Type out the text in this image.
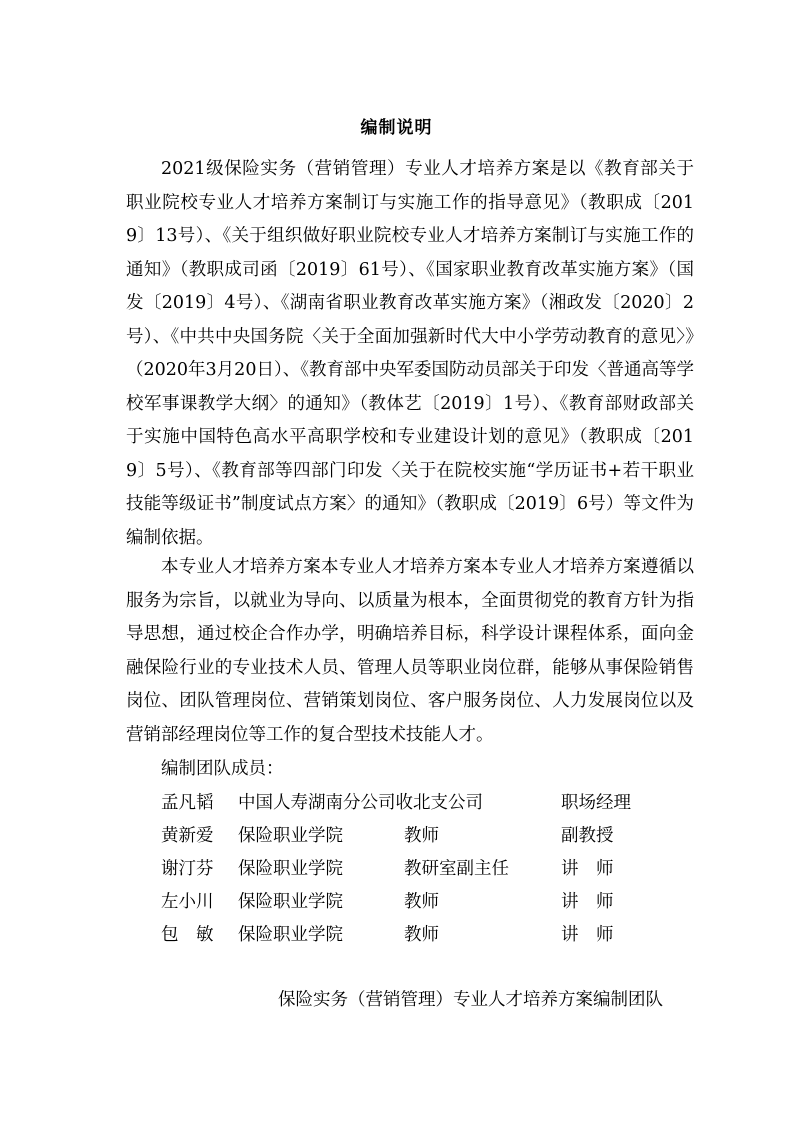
编制说明

2021级保险实务（营销管理）专业人才培养方案是以《教育部关于职业院校专业人才培养方案制订与实施工作的指导意见》（教职成〔2019〕13号）、《关于组织做好职业院校专业人才培养方案制订与实施工作的通知》（教职成司函〔2019〕61号）、《国家职业教育改革实施方案》（国发〔2019〕4号）、《湖南省职业教育改革实施方案》（湘政发〔2020〕2号）、《中共中央国务院〈关于全面加强新时代大中小学劳动教育的意见〉》（2020年3月20日）、《教育部中央军委国防动员部关于印发〈普通高等学校军事课教学大纲〉的通知》（教体艺〔2019〕1号）、《教育部财政部关于实施中国特色高水平高职学校和专业建设计划的意见》（教职成〔2019〕5号）、《教育部等四部门印发〈关于在院校实施“学历证书+若干职业技能等级证书”制度试点方案〉的通知》（教职成〔2019〕6号）等文件为编制依据。

本专业人才培养方案本专业人才培养方案本专业人才培养方案遵循以服务为宗旨，以就业为导向、以质量为根本，全面贯彻党的教育方针为指导思想，通过校企合作办学，明确培养目标，科学设计课程体系，面向金融保险行业的专业技术人员、管理人员等职业岗位群，能够从事保险销售岗位、团队管理岗位、营销策划岗位、客户服务岗位、人力发展岗位以及营销部经理岗位等工作的复合型技术技能人才。

编制团队成员：
孟凡韬 中国人寿湖南分公司收北支公司	职场经理
黄新爱 保险职业学院	教师	副教授
谢汀芬 保险职业学院	教研室副主任	讲　师
左小川 保险职业学院	教师	讲　师
包　敏 保险职业学院	教师	讲　师
保险实务（营销管理）专业人才培养方案编制团队
